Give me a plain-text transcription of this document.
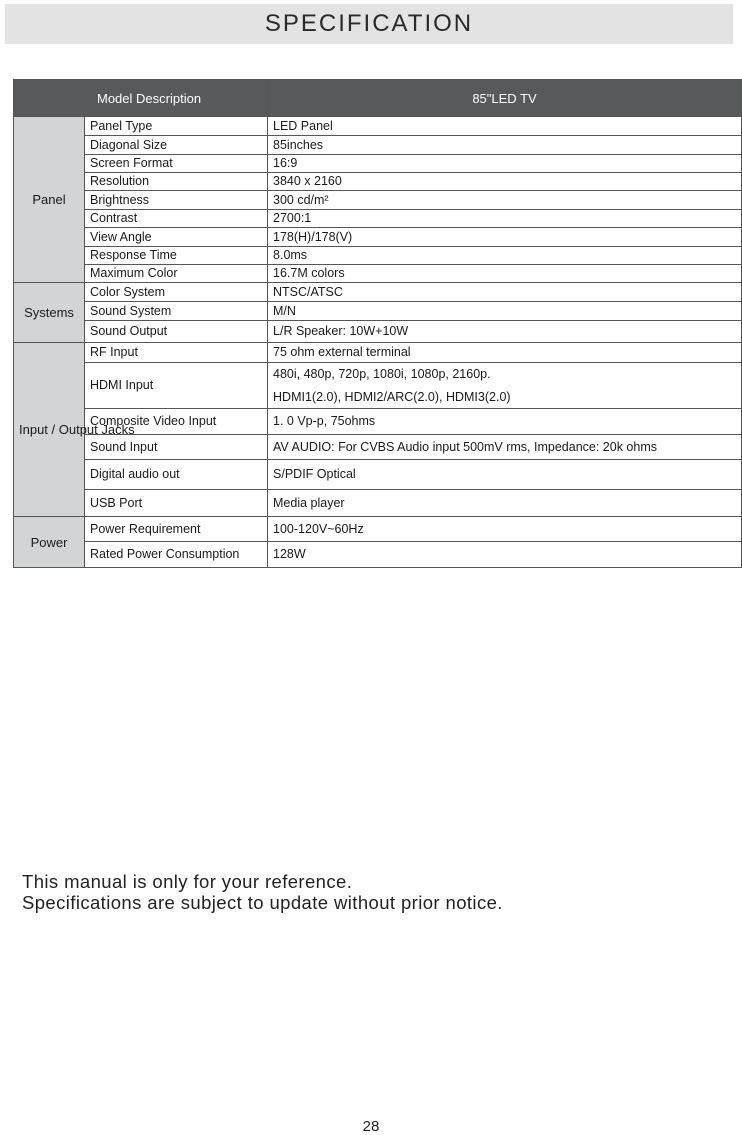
SPECIFICATION
Model Description		85"LED TV
Panel	Panel Type	LED Panel

	Diagonal Size	85inches

	Screen Format	16:9

	Resolution	3840 x 2160

	Brightness	300 cd/m²

	Contrast	2700:1

	View Angle	178(H)/178(V)

	Response Time	8.0ms

	Maximum Color	16.7M colors

Systems	Color System	NTSC/ATSC

	Sound System	M/N

	Sound Output	L/R Speaker: 10W+10W

Input / Output Jacks	RF Input	75 ohm external terminal

	HDMI Input	480i, 480p, 720p, 1080i, 1080p, 2160p.
HDMI1(2.0), HDMI2/ARC(2.0), HDMI3(2.0)

	Composite Video Input	1. 0 Vp-p, 75ohms

	Sound Input	AV AUDIO: For CVBS Audio input 500mV rms, Impedance: 20k ohms

	Digital audio out	S/PDIF Optical

	USB Port	Media player

Power	Power Requirement	100-120V~60Hz

	Rated Power Consumption	128W
This manual is only for your reference.
Specifications are subject to update without prior notice.
28
